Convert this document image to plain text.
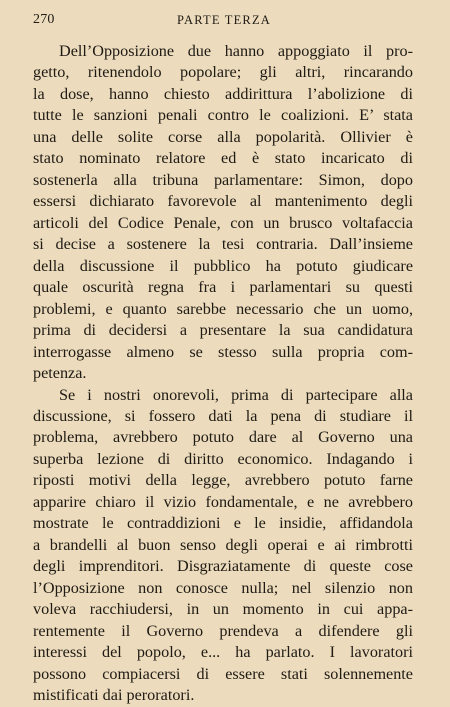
270	PARTE TERZA
Dell’Opposizione due hanno appoggiato il pro-
getto, ritenendolo popolare; gli altri, rincarando
la dose, hanno chiesto addirittura l’abolizione di
tutte le sanzioni penali contro le coalizioni. E’ stata
una delle solite corse alla popolarità. Ollivier è
stato nominato relatore ed è stato incaricato di
sostenerla alla tribuna parlamentare: Simon, dopo
essersi dichiarato favorevole al mantenimento degli
articoli del Codice Penale, con un brusco voltafaccia
si decise a sostenere la tesi contraria. Dall’insieme
della discussione il pubblico ha potuto giudicare
quale oscurità regna fra i parlamentari su questi
problemi, e quanto sarebbe necessario che un uomo,
prima di decidersi a presentare la sua candidatura
interrogasse almeno se stesso sulla propria com-
petenza.
Se i nostri onorevoli, prima di partecipare alla
discussione, si fossero dati la pena di studiare il
problema, avrebbero potuto dare al Governo una
superba lezione di diritto economico. Indagando i
riposti motivi della legge, avrebbero potuto farne
apparire chiaro il vizio fondamentale, e ne avrebbero
mostrate le contraddizioni e le insidie, affidandola
a brandelli al buon senso degli operai e ai rimbrotti
degli imprenditori. Disgraziatamente di queste cose
l’Opposizione non conosce nulla; nel silenzio non
voleva racchiudersi, in un momento in cui appa-
rentemente il Governo prendeva a difendere gli
interessi del popolo, e... ha parlato. I lavoratori
possono compiacersi di essere stati solennemente
mistificati dai peroratori.
